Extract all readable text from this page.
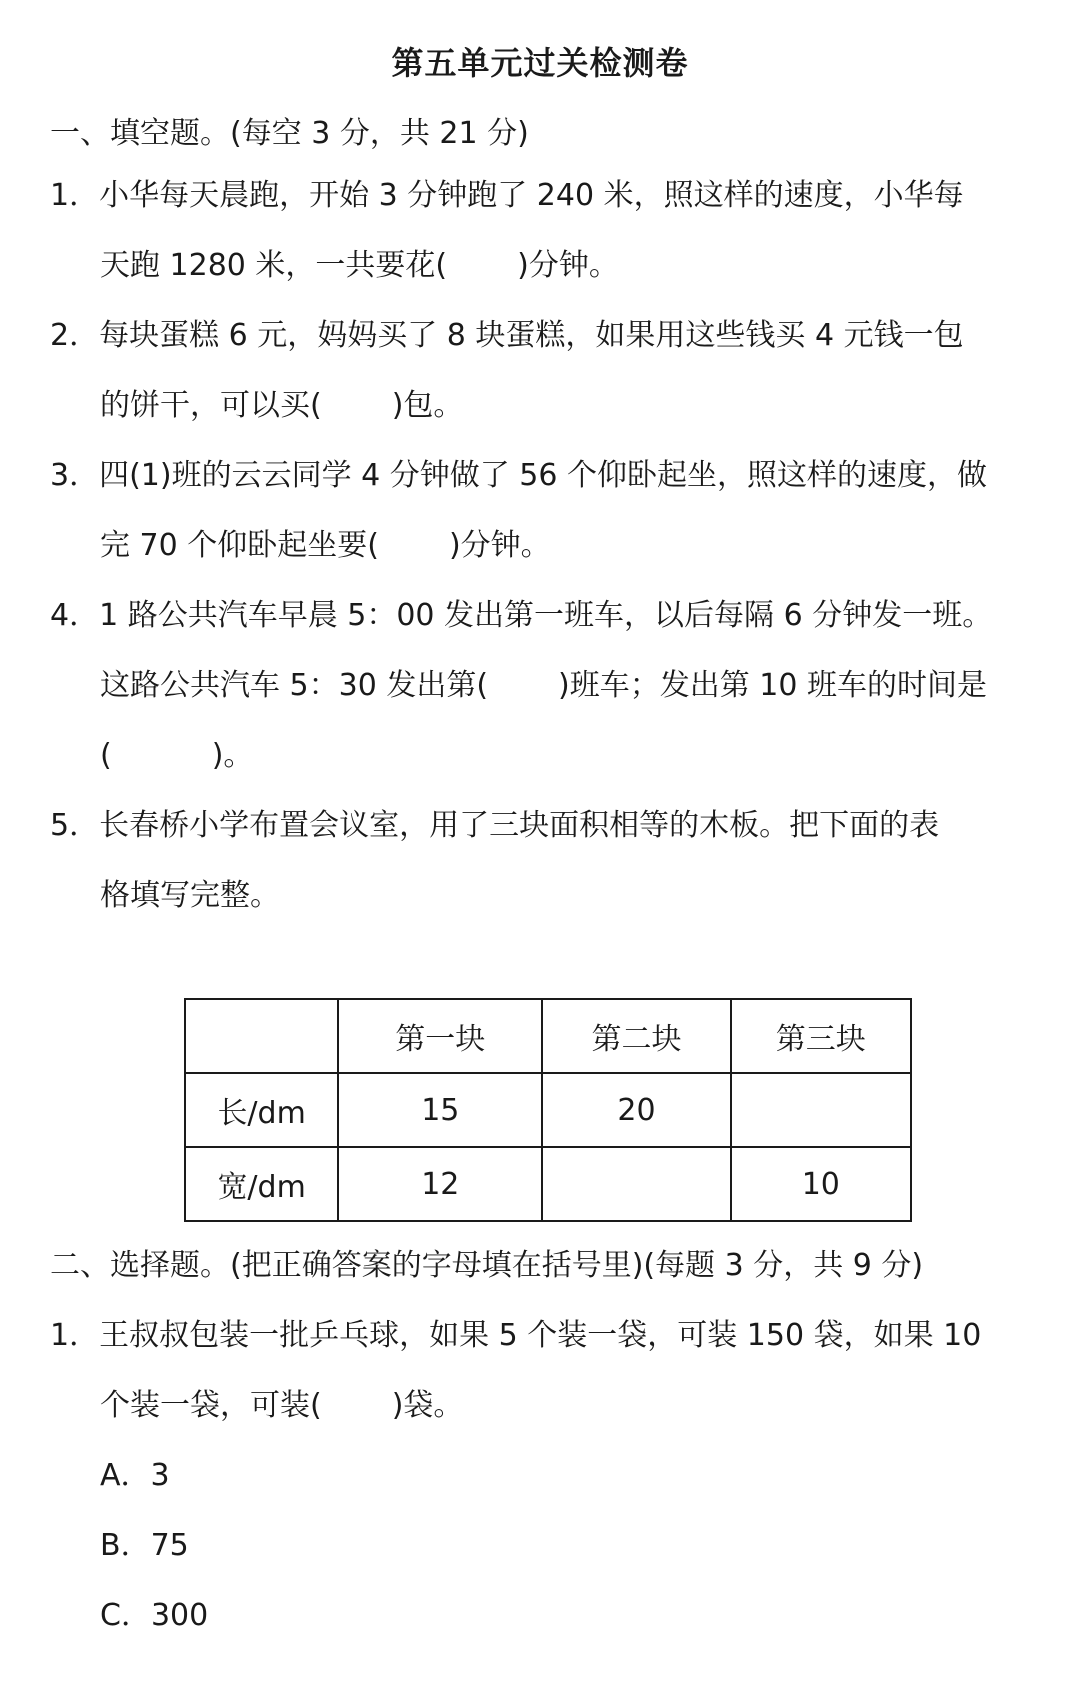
第五单元过关检测卷
一、填空题。(每空 3 分，共 21 分)
1．小华每天晨跑，开始 3 分钟跑了 240 米，照这样的速度，小华每
天跑 1280 米，一共要花( )分钟。
2．每块蛋糕 6 元，妈妈买了 8 块蛋糕，如果用这些钱买 4 元钱一包
的饼干，可以买( )包。
3．四(1)班的云云同学 4 分钟做了 56 个仰卧起坐，照这样的速度，做
完 70 个仰卧起坐要( )分钟。
4．1 路公共汽车早晨 5：00 发出第一班车，以后每隔 6 分钟发一班。
这路公共汽车 5：30 发出第( )班车；发出第 10 班车的时间是
(	)。
5．长春桥小学布置会议室，用了三块面积相等的木板。把下面的表
格填写完整。
	第一块	第二块	第三块
长/dm	15	20	
宽/dm	12		10
二、选择题。(把正确答案的字母填在括号里)(每题 3 分，共 9 分)
1．王叔叔包装一批乒乓球，如果 5 个装一袋，可装 150 袋，如果 10
个装一袋，可装( )袋。
A．3
B．75
C．300
